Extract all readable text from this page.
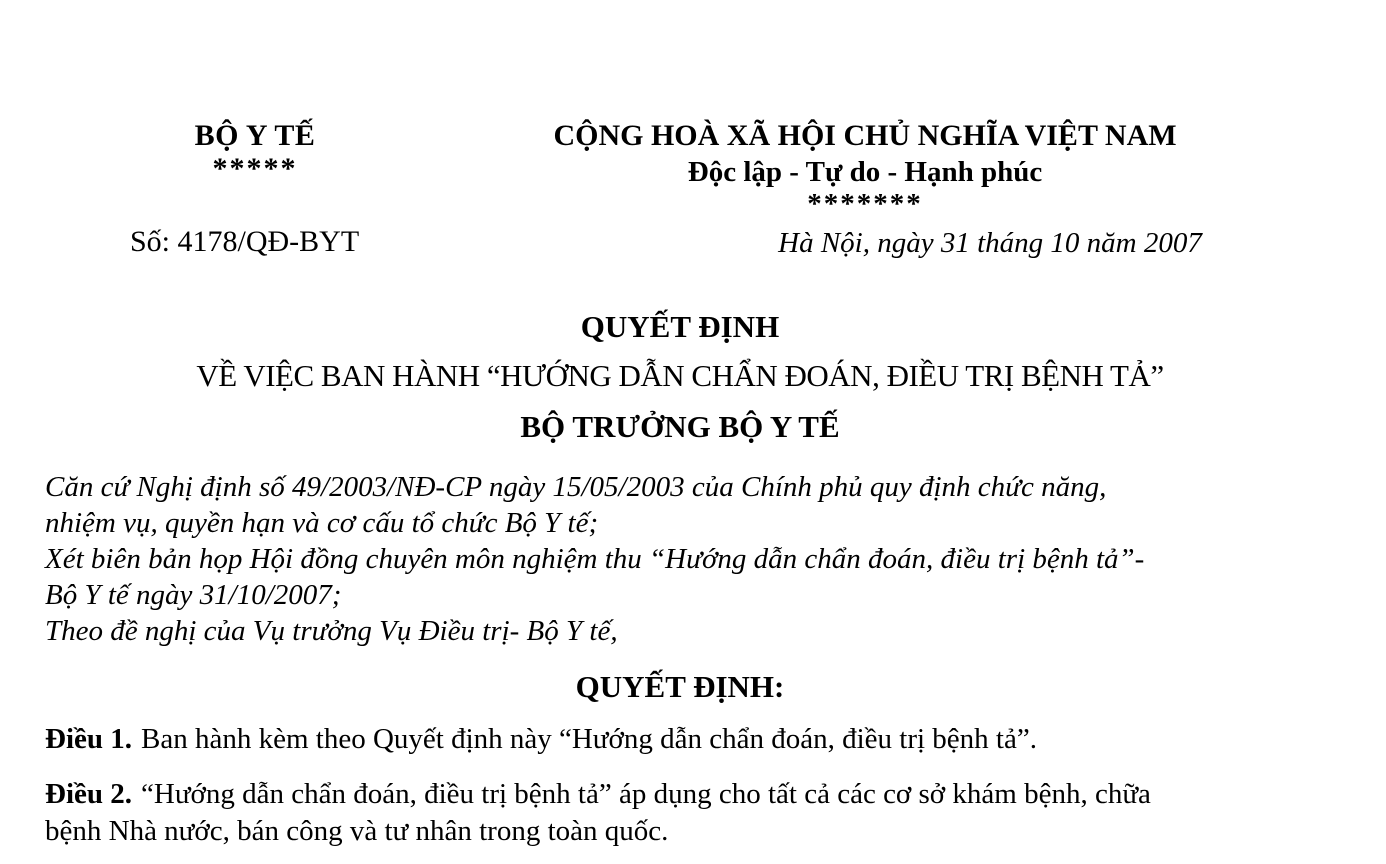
BỘ Y TẾ
*****
CỘNG HOÀ XÃ HỘI CHỦ NGHĨA VIỆT NAM
Độc lập - Tự do - Hạnh phúc
*******
Số: 4178/QĐ-BYT	Hà Nội, ngày 31 tháng 10 năm 2007
QUYẾT ĐỊNH
VỀ VIỆC BAN HÀNH “HƯỚNG DẪN CHẨN ĐOÁN, ĐIỀU TRỊ BỆNH TẢ”
BỘ TRƯỞNG BỘ Y TẾ
Căn cứ Nghị định số 49/2003/NĐ-CP ngày 15/05/2003 của Chính phủ quy định chức năng,
nhiệm vụ, quyền hạn và cơ cấu tổ chức Bộ Y tế;
Xét biên bản họp Hội đồng chuyên môn nghiệm thu “Hướng dẫn chẩn đoán, điều trị bệnh tả”-
Bộ Y tế ngày 31/10/2007;
Theo đề nghị của Vụ trưởng Vụ Điều trị- Bộ Y tế,
QUYẾT ĐỊNH:

Điều 1. Ban hành kèm theo Quyết định này “Hướng dẫn chẩn đoán, điều trị bệnh tả”.

Điều 2. “Hướng dẫn chẩn đoán, điều trị bệnh tả” áp dụng cho tất cả các cơ sở khám bệnh, chữa
bệnh Nhà nước, bán công và tư nhân trong toàn quốc.
